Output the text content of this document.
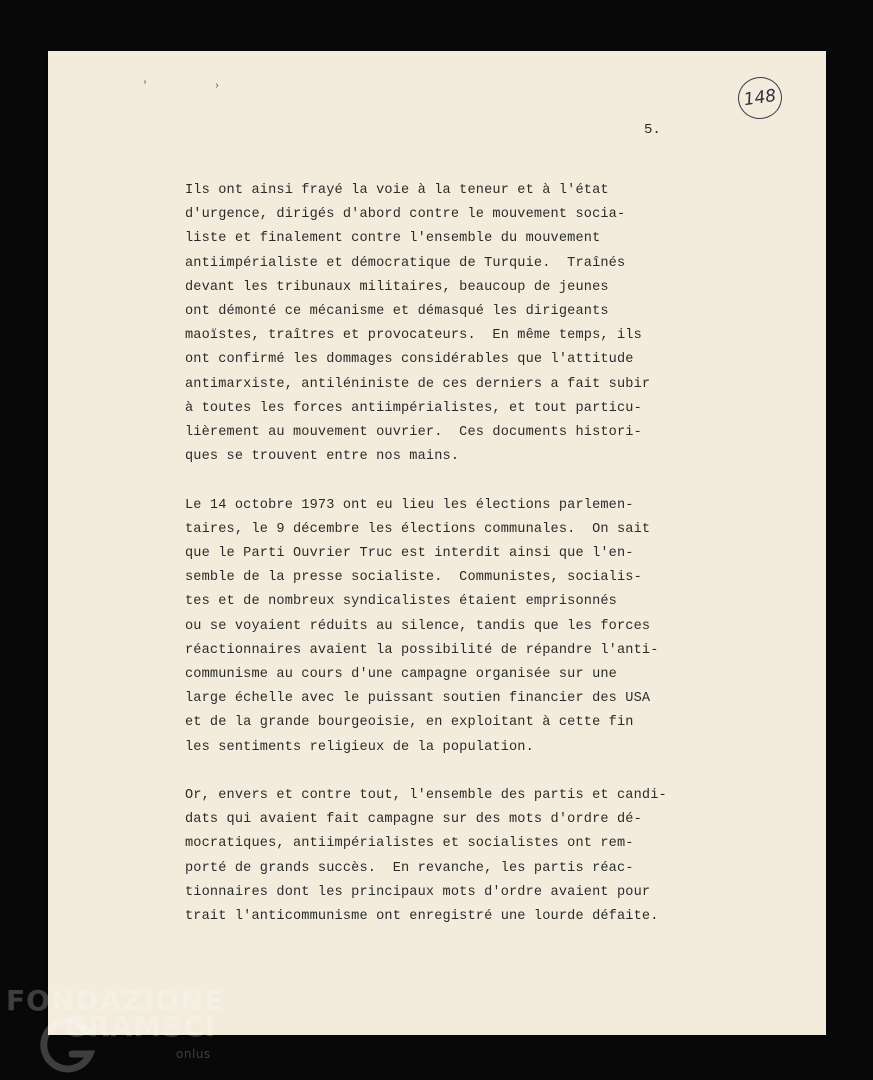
' ›	148
5.
Ils ont ainsi frayé la voie à la teneur et à l'état
d'urgence, dirigés d'abord contre le mouvement socia-
liste et finalement contre l'ensemble du mouvement
antiimpérialiste et démocratique de Turquie.  Traînés
devant les tribunaux militaires, beaucoup de jeunes
ont démonté ce mécanisme et démasqué les dirigeants
maoïstes, traîtres et provocateurs.  En même temps, ils
ont confirmé les dommages considérables que l'attitude
antimarxiste, antiléniniste de ces derniers a fait subir
à toutes les forces antiimpérialistes, et tout particu-
lièrement au mouvement ouvrier.  Ces documents histori-
ques se trouvent entre nos mains.
Le 14 octobre 1973 ont eu lieu les élections parlemen-
taires, le 9 décembre les élections communales.  On sait
que le Parti Ouvrier Truc est interdit ainsi que l'en-
semble de la presse socialiste.  Communistes, socialis-
tes et de nombreux syndicalistes étaient emprisonnés
ou se voyaient réduits au silence, tandis que les forces
réactionnaires avaient la possibilité de répandre l'anti-
communisme au cours d'une campagne organisée sur une
large échelle avec le puissant soutien financier des USA
et de la grande bourgeoisie, en exploitant à cette fin
les sentiments religieux de la population.
Or, envers et contre tout, l'ensemble des partis et candi-
dats qui avaient fait campagne sur des mots d'ordre dé-
mocratiques, antiimpérialistes et socialistes ont rem-
porté de grands succès.  En revanche, les partis réac-
tionnaires dont les principaux mots d'ordre avaient pour
trait l'anticommunisme ont enregistré une lourde défaite.
FONDAZIONE
GRAMSCI
onlus
